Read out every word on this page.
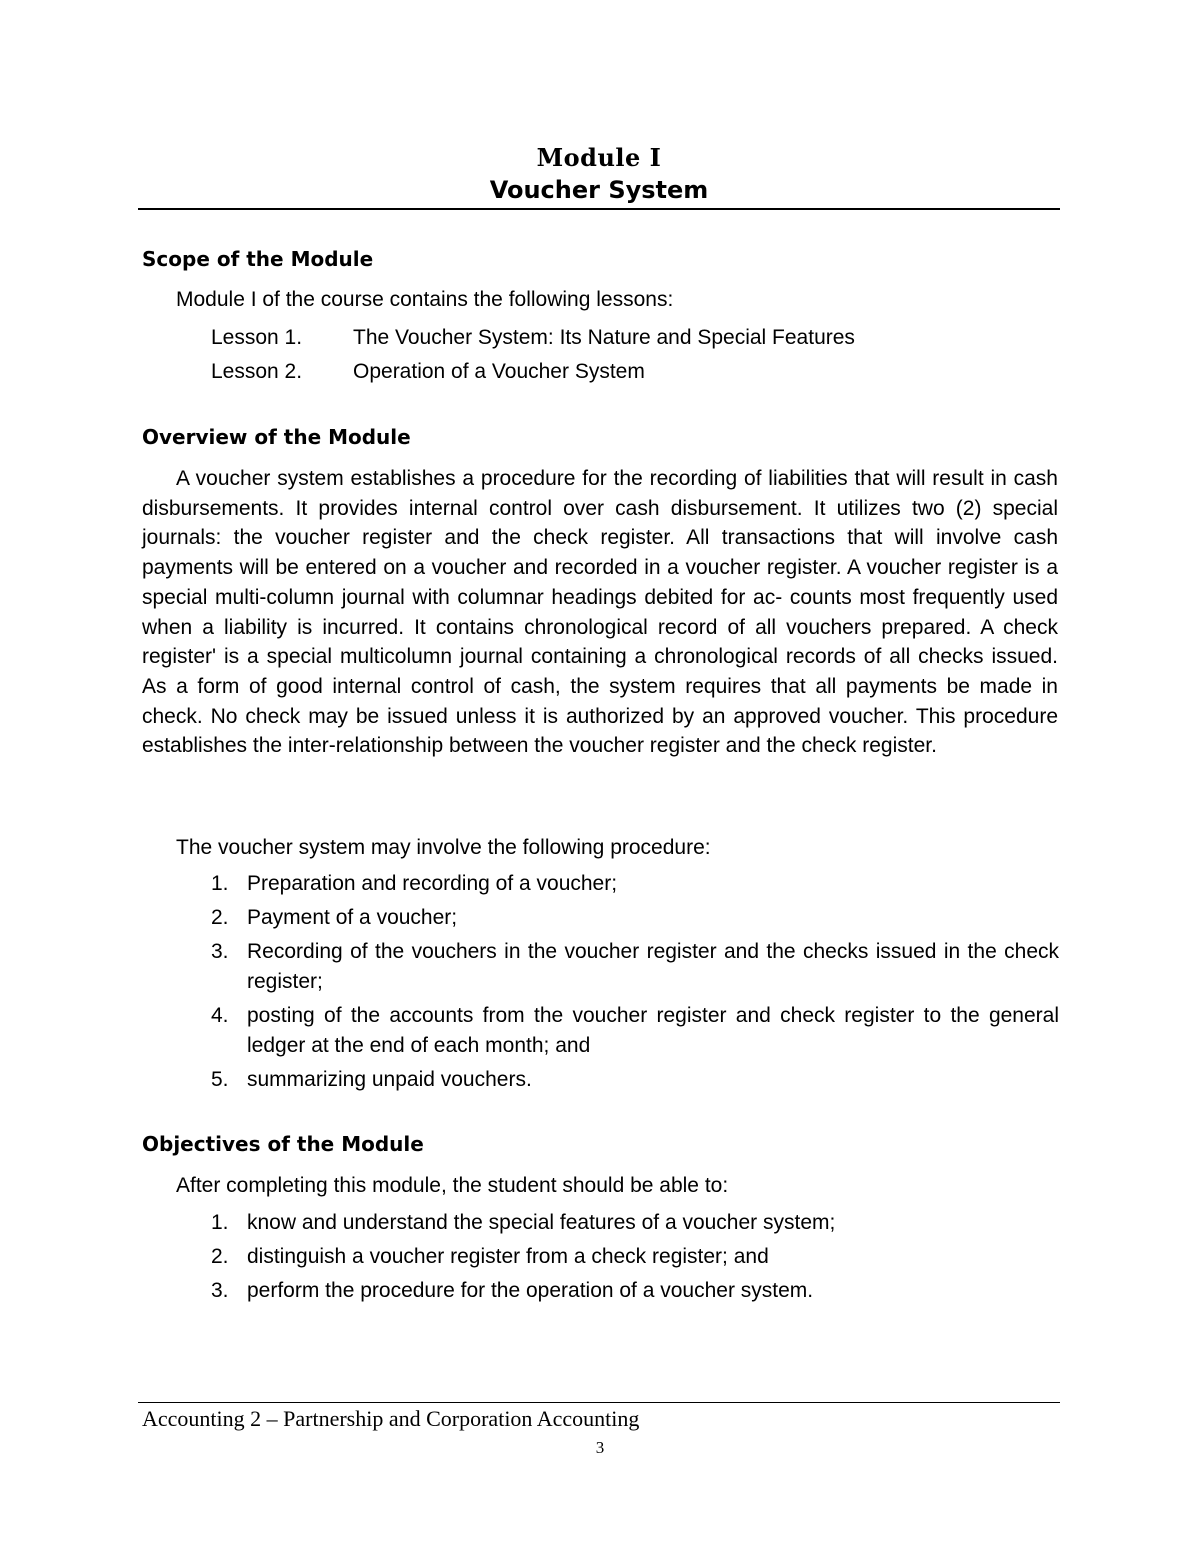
Module I
Voucher System
Scope of the Module
Module I of the course contains the following lessons:
Lesson 1. The Voucher System: Its Nature and Special Features
Lesson 2. Operation of a Voucher System
Overview of the Module
A voucher system establishes a procedure for the recording of liabilities that will result in cash disbursements. It provides internal control over cash disbursement. It utilizes two (2) special journals: the voucher register and the check register. All transactions that will involve cash payments will be entered on a voucher and recorded in a voucher register. A voucher register is a special multi-column journal with columnar headings debited for ac- counts most frequently used when a liability is incurred. It contains chronological record of all vouchers prepared. A check register' is a special multicolumn journal containing a chronological records of all checks issued. As a form of good internal control of cash, the system requires that all payments be made in check. No check may be issued unless it is authorized by an approved voucher. This procedure establishes the inter-relationship between the voucher register and the check register.
The voucher system may involve the following procedure:
1. Preparation and recording of a voucher;
2. Payment of a voucher;
3. Recording of the vouchers in the voucher register and the checks issued in the check register;
4. posting of the accounts from the voucher register and check register to the general ledger at the end of each month; and
5. summarizing unpaid vouchers.
Objectives of the Module
After completing this module, the student should be able to:
1. know and understand the special features of a voucher system;
2. distinguish a voucher register from a check register; and
3. perform the procedure for the operation of a voucher system.
Accounting 2 – Partnership and Corporation Accounting
3
